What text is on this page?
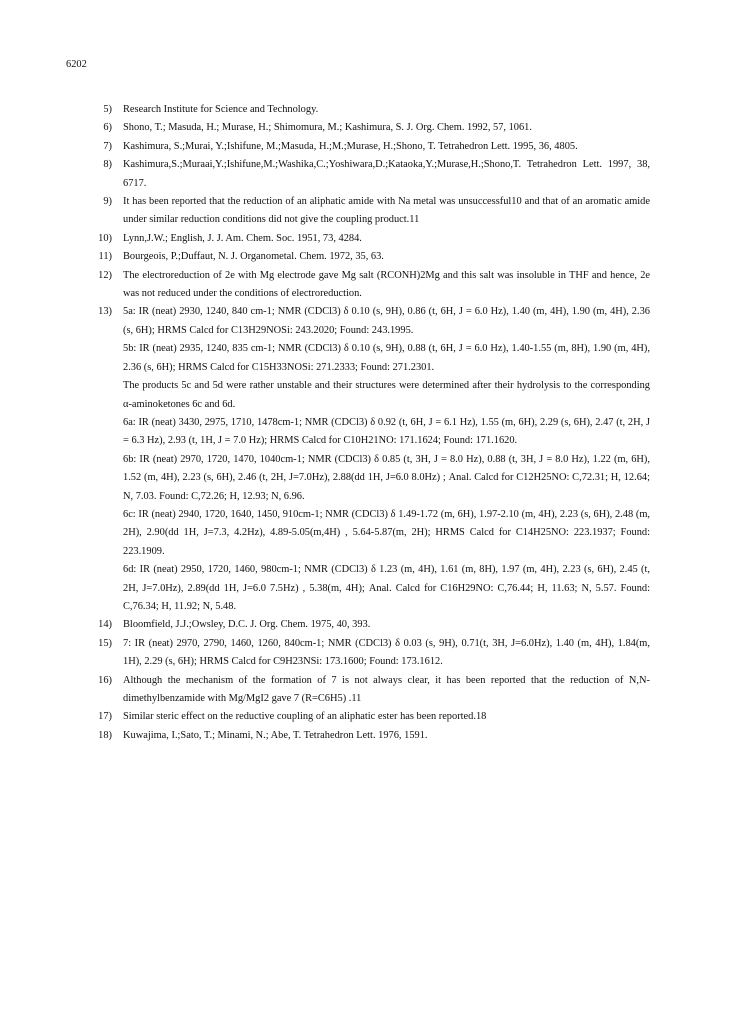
6202
5) Research Institute for Science and Technology.
6) Shono, T.; Masuda, H.; Murase, H.; Shimomura, M.; Kashimura, S. J. Org. Chem. 1992, 57, 1061.
7) Kashimura, S.;Murai, Y.;Ishifune, M.;Masuda, H.;M.;Murase, H.;Shono, T. Tetrahedron Lett. 1995, 36, 4805.
8) Kashimura,S.;Muraai,Y.;Ishifune,M.;Washika,C.;Yoshiwara,D.;Kataoka,Y.;Murase,H.;Shono,T. Tetrahedron Lett. 1997, 38, 6717.
9) It has been reported that the reduction of an aliphatic amide with Na metal was unsuccessful10 and that of an aromatic amide under similar reduction conditions did not give the coupling product.11
10) Lynn,J.W.; English, J. J. Am. Chem. Soc. 1951, 73, 4284.
11) Bourgeois, P.;Duffaut, N. J. Organometal. Chem. 1972, 35, 63.
12) The electroreduction of 2e with Mg electrode gave Mg salt (RCONH)2Mg and this salt was insoluble in THF and hence, 2e was not reduced under the conditions of electroreduction.
13) 5a: IR (neat) 2930, 1240, 840 cm-1; NMR (CDCl3) δ 0.10 (s, 9H), 0.86 (t, 6H, J = 6.0 Hz), 1.40 (m, 4H), 1.90 (m, 4H), 2.36 (s, 6H); HRMS Calcd for C13H29NOSi: 243.2020; Found: 243.1995.
5b: IR (neat) 2935, 1240, 835 cm-1; NMR (CDCl3) δ 0.10 (s, 9H), 0.88 (t, 6H, J = 6.0 Hz), 1.40-1.55 (m, 8H), 1.90 (m, 4H), 2.36 (s, 6H); HRMS Calcd for C15H33NOSi: 271.2333; Found: 271.2301.
The products 5c and 5d were rather unstable and their structures were determined after their hydrolysis to the corresponding α-aminoketones 6c and 6d.
6a: IR (neat) 3430, 2975, 1710, 1478cm-1; NMR (CDCl3) δ 0.92 (t, 6H, J = 6.1 Hz), 1.55 (m, 6H), 2.29 (s, 6H), 2.47 (t, 2H, J = 6.3 Hz), 2.93 (t, 1H, J = 7.0 Hz); HRMS Calcd for C10H21NO: 171.1624; Found: 171.1620.
6b: IR (neat) 2970, 1720, 1470, 1040cm-1; NMR (CDCl3) δ 0.85 (t, 3H, J = 8.0 Hz), 0.88 (t, 3H, J = 8.0 Hz), 1.22 (m, 6H), 1.52 (m, 4H), 2.23 (s, 6H), 2.46 (t, 2H, J=7.0Hz), 2.88(dd 1H, J=6.0 8.0Hz) ; Anal. Calcd for C12H25NO: C,72.31; H, 12.64; N, 7.03. Found: C,72.26; H, 12.93; N, 6.96.
6c: IR (neat) 2940, 1720, 1640, 1450, 910cm-1; NMR (CDCl3) δ 1.49-1.72 (m, 6H), 1.97-2.10 (m, 4H), 2.23 (s, 6H), 2.48 (m, 2H), 2.90(dd 1H, J=7.3, 4.2Hz), 4.89-5.05(m,4H) , 5.64-5.87(m, 2H); HRMS Calcd for C14H25NO: 223.1937; Found: 223.1909.
6d: IR (neat) 2950, 1720, 1460, 980cm-1; NMR (CDCl3) δ 1.23 (m, 4H), 1.61 (m, 8H), 1.97 (m, 4H), 2.23 (s, 6H), 2.45 (t, 2H, J=7.0Hz), 2.89(dd 1H, J=6.0 7.5Hz) , 5.38(m, 4H); Anal. Calcd for C16H29NO: C,76.44; H, 11.63; N, 5.57. Found: C,76.34; H, 11.92; N, 5.48.
14) Bloomfield, J.J.;Owsley, D.C. J. Org. Chem. 1975, 40, 393.
15) 7: IR (neat) 2970, 2790, 1460, 1260, 840cm-1; NMR (CDCl3) δ 0.03 (s, 9H), 0.71(t, 3H, J=6.0Hz), 1.40 (m, 4H), 1.84(m, 1H), 2.29 (s, 6H); HRMS Calcd for C9H23NSi: 173.1600; Found: 173.1612.
16) Although the mechanism of the formation of 7 is not always clear, it has been reported that the reduction of N,N-dimethylbenzamide with Mg/MgI2 gave 7 (R=C6H5) .11
17) Similar steric effect on the reductive coupling of an aliphatic ester has been reported.18
18) Kuwajima, I.;Sato, T.; Minami, N.; Abe, T. Tetrahedron Lett. 1976, 1591.
